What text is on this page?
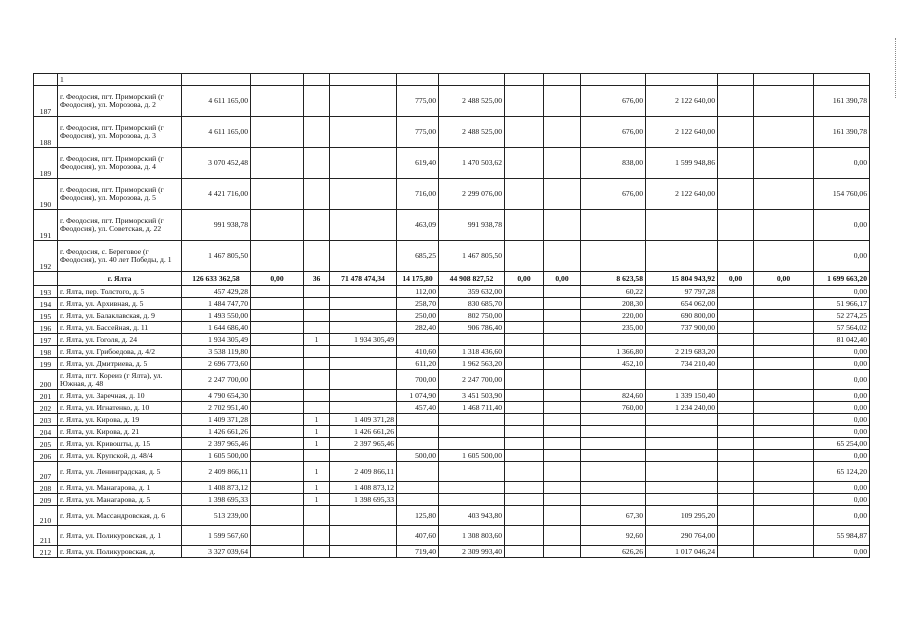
	1													
187	г. Феодосия, пгт. Приморский (г Феодосия), ул. Морозова, д. 2	4 611 165,00				775,00	2 488 525,00			676,00	2 122 640,00			161 390,78
188	г. Феодосия, пгт. Приморский (г Феодосия), ул. Морозова, д. 3	4 611 165,00				775,00	2 488 525,00			676,00	2 122 640,00			161 390,78
189	г. Феодосия, пгт. Приморский (г Феодосия), ул. Морозова, д. 4	3 070 452,48				619,40	1 470 503,62			838,00	1 599 948,86			0,00
190	г. Феодосия, пгт. Приморский (г Феодосия), ул. Морозова, д. 5	4 421 716,00				716,00	2 299 076,00			676,00	2 122 640,00			154 760,06
191	г. Феодосия, пгт. Приморский (г Феодосия), ул. Советская, д. 22	991 938,78				463,09	991 938,78							0,00
192	г. Феодосия, с. Береговое (г Феодосия), ул. 40 лет Победы, д. 1	1 467 805,50				685,25	1 467 805,50							0,00
	г. Ялта	126 633 362,58	0,00	36	71 478 474,34	14 175,80	44 908 827,52	0,00	0,00	8 623,58	15 804 943,92	0,00	0,00	1 699 663,20
193	г. Ялта, пер. Толстого, д. 5	457 429,28				112,00	359 632,00			60,22	97 797,28			0,00
194	г. Ялта, ул. Архивная, д. 5	1 484 747,70				258,70	830 685,70			208,30	654 062,00			51 966,17
195	г. Ялта, ул. Балаклавская, д. 9	1 493 550,00				250,00	802 750,00			220,00	690 800,00			52 274,25
196	г. Ялта, ул. Бассейная, д. 11	1 644 686,40				282,40	906 786,40			235,00	737 900,00			57 564,02
197	г. Ялта, ул. Гоголя, д. 24	1 934 305,49		1	1 934 305,49									81 042,40
198	г. Ялта, ул. Грибоедова, д. 4/2	3 538 119,80				410,60	1 318 436,60			1 366,80	2 219 683,20			0,00
199	г. Ялта, ул. Дмитриева, д. 5	2 696 773,60				611,20	1 962 563,20			452,10	734 210,40			0,00
200	г. Ялта, пгт. Кореиз (г Ялта), ул. Южная, д. 48	2 247 700,00				700,00	2 247 700,00							0,00
201	г. Ялта, ул. Заречная, д. 10	4 790 654,30				1 074,90	3 451 503,90			824,60	1 339 150,40			0,00
202	г. Ялта, ул. Игнатенко, д. 10	2 702 951,40				457,40	1 468 711,40			760,00	1 234 240,00			0,00
203	г. Ялта, ул. Кирова, д. 19	1 409 371,28		1	1 409 371,28									0,00
204	г. Ялта, ул. Кирова, д. 21	1 426 661,26		1	1 426 661,26									0,00
205	г. Ялта, ул. Кривошты, д. 15	2 397 965,46		1	2 397 965,46									65 254,00
206	г. Ялта, ул. Крупской, д. 48/4	1 605 500,00				500,00	1 605 500,00							0,00
207	г. Ялта, ул. Ленинградская, д. 5	2 409 866,11		1	2 409 866,11									65 124,20
208	г. Ялта, ул. Манагарова, д. 1	1 408 873,12		1	1 408 873,12									0,00
209	г. Ялта, ул. Манагарова, д. 5	1 398 695,33		1	1 398 695,33									0,00
210	г. Ялта, ул. Массандровская, д. 6	513 239,00				125,80	403 943,80			67,30	109 295,20			0,00
211	г. Ялта, ул. Поликуровская, д. 1	1 599 567,60				407,60	1 308 803,60			92,60	290 764,00			55 984,87
212	г. Ялта, ул. Поликуровская, д.	3 327 039,64				719,40	2 309 993,40			626,26	1 017 046,24			0,00
